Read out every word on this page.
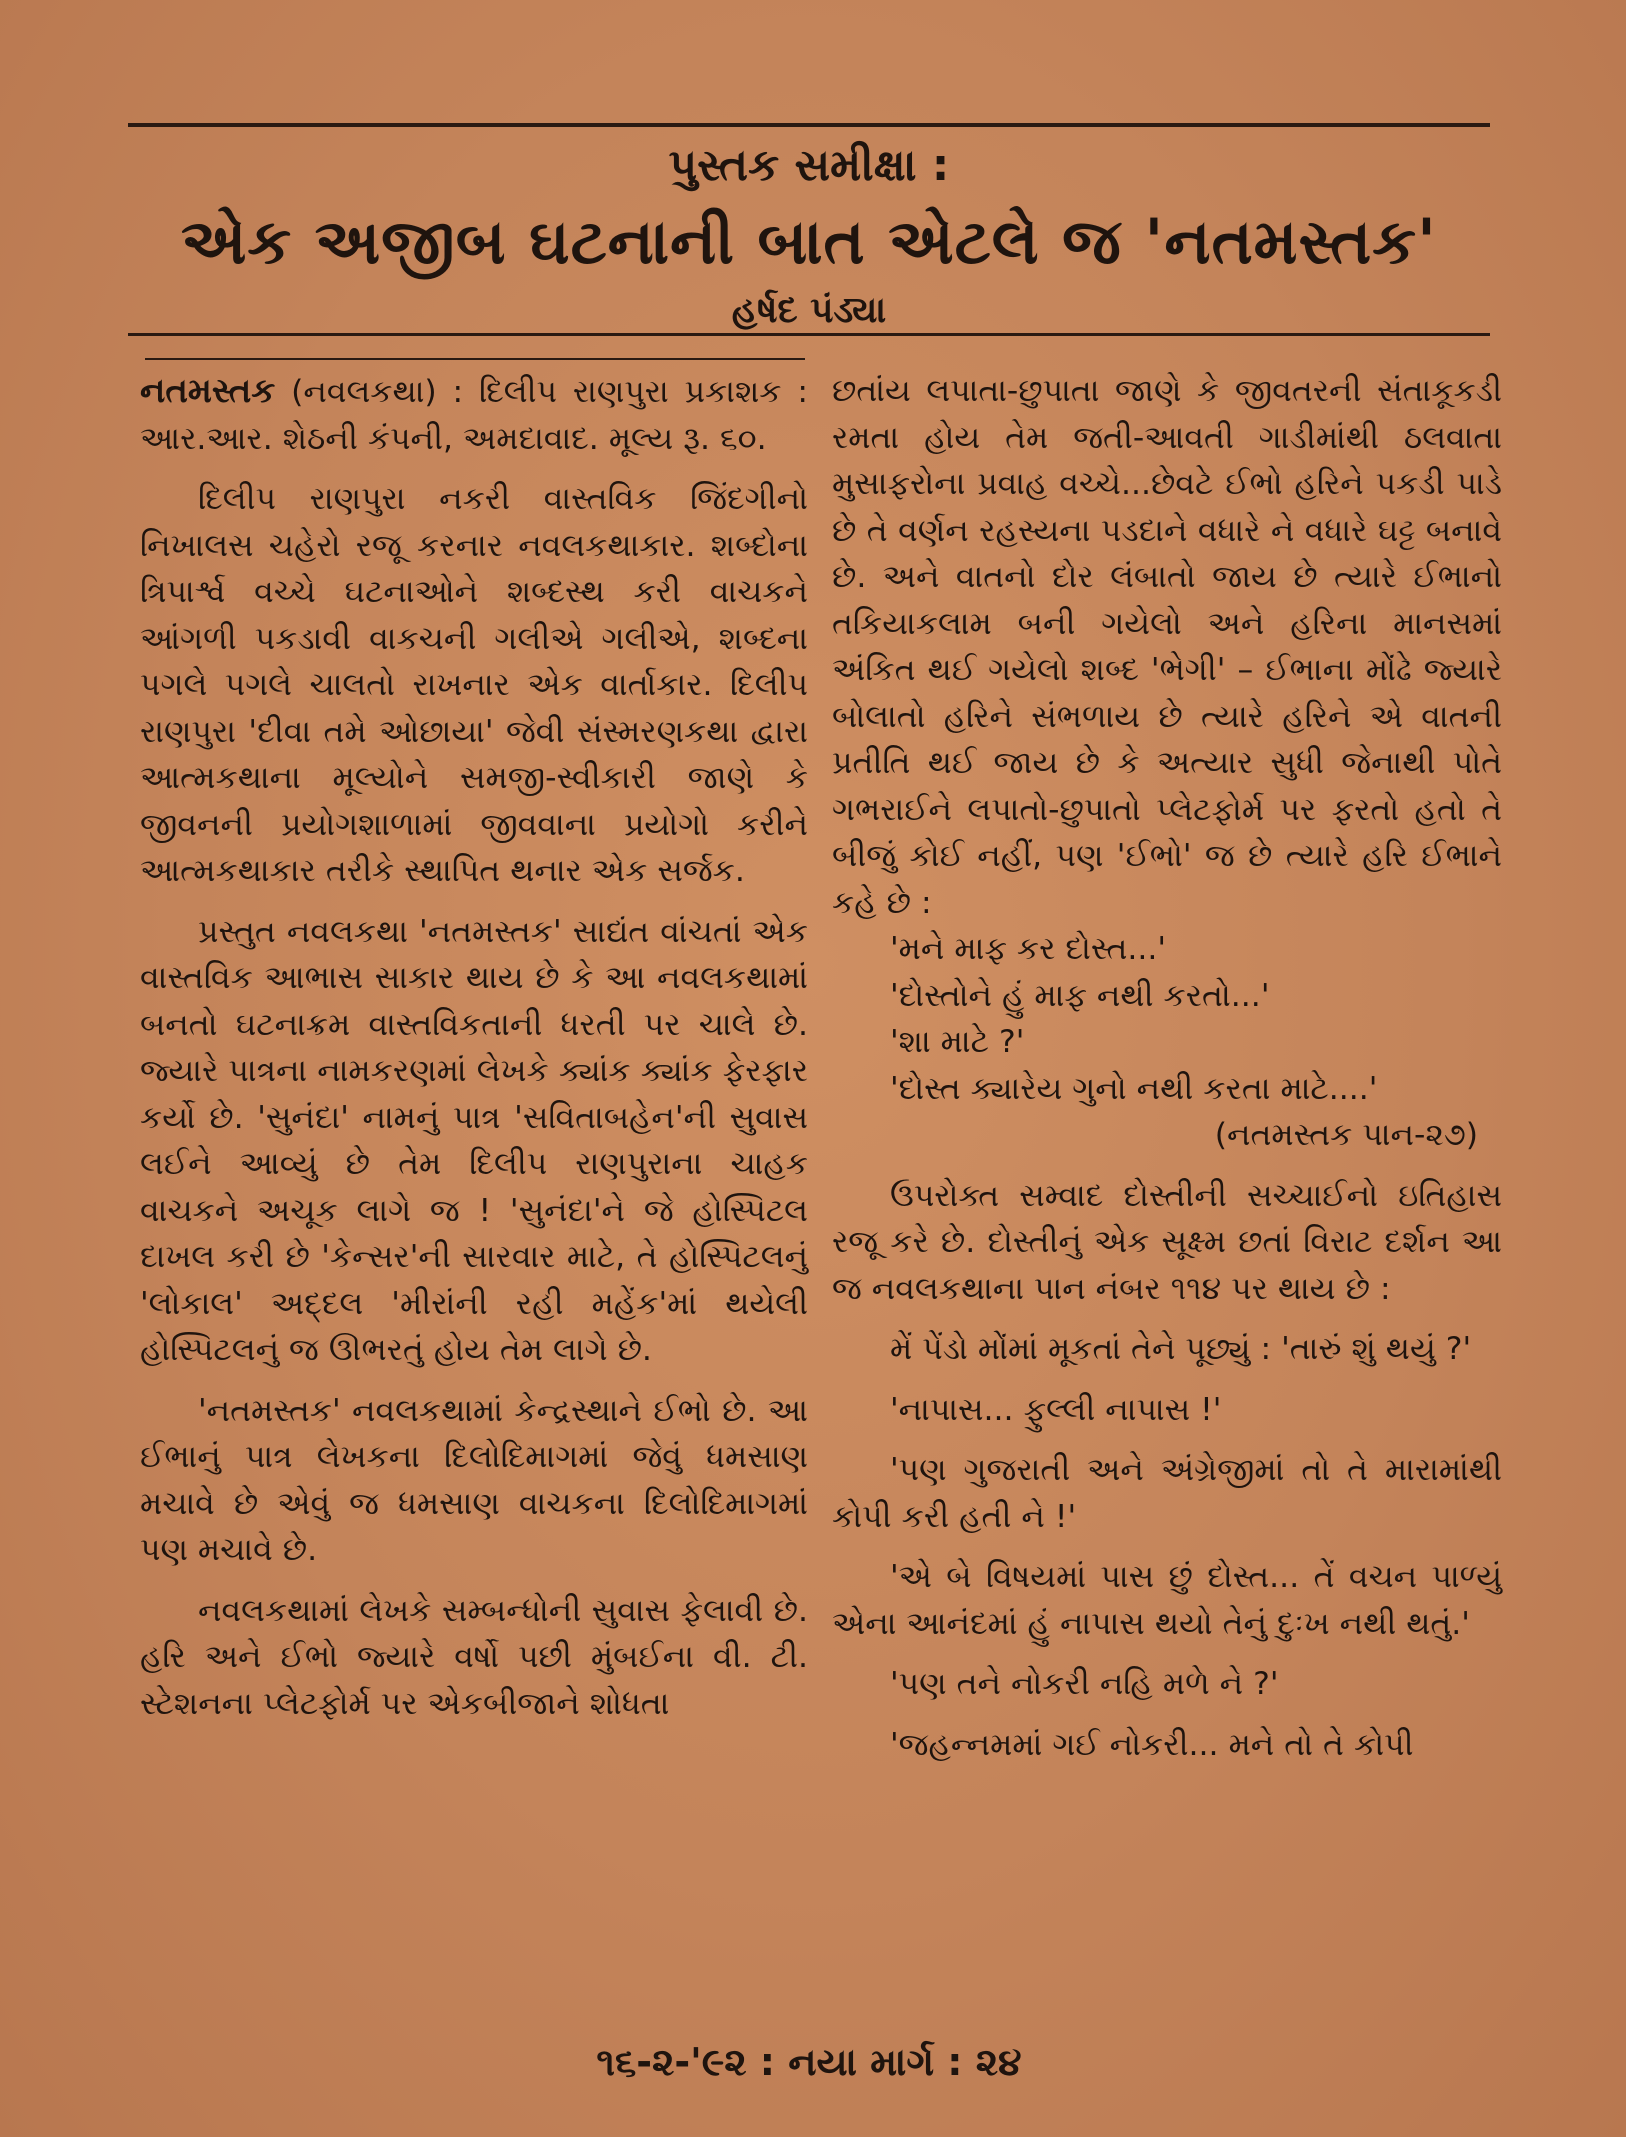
પુસ્તક સમીક્ષા :
એક અજીબ ઘટનાની બાત એટલે જ 'નતમસ્તક'
હર્ષદ પંડ્યા

નતમસ્તક (નવલકથા) : દિલીપ રાણપુરા પ્રકાશક : આર.આર. શેઠની કંપની, અમદાવાદ. મૂલ્ય રૂ. ૬૦.

દિલીપ રાણપુરા નકરી વાસ્તવિક જિંદગીનો નિખાલસ ચહેરો રજૂ કરનાર નવલકથાકાર. શબ્દોના ત્રિપાર્શ્વ વચ્ચે ઘટનાઓને શબ્દસ્થ કરી વાચકને આંગળી પકડાવી વાકચની ગલીએ ગલીએ, શબ્દના પગલે પગલે ચાલતો રાખનાર એક વાર્તાકાર. દિલીપ રાણપુરા 'દીવા તમે ઓછાયા' જેવી સંસ્મરણકથા દ્વારા આત્મકથાના મૂલ્યોને સમજી-સ્વીકારી જાણે કે જીવનની પ્રયોગશાળામાં જીવવાના પ્રયોગો કરીને આત્મકથાકાર તરીકે સ્થાપિત થનાર એક સર્જક.

પ્રસ્તુત નવલકથા 'નતમસ્તક' સાદ્યંત વાંચતાં એક વાસ્તવિક આભાસ સાકાર થાય છે કે આ નવલકથામાં બનતો ઘટનાક્રમ વાસ્તવિકતાની ધરતી પર ચાલે છે. જ્યારે પાત્રના નામકરણમાં લેખકે ક્યાંક ક્યાંક ફેરફાર કર્યો છે. 'સુનંદા' નામનું પાત્ર 'સવિતાબહેન'ની સુવાસ લઈને આવ્યું છે તેમ દિલીપ રાણપુરાના ચાહક વાચકને અચૂક લાગે જ ! 'સુનંદા'ને જે હોસ્પિટલ દાખલ કરી છે 'કેન્સર'ની સારવાર માટે, તે હોસ્પિટલનું 'લોકાલ' અદ્દલ 'મીરાંની રહી મહેંક'માં થયેલી હોસ્પિટલનું જ ઊભરતું હોય તેમ લાગે છે.

'નતમસ્તક' નવલકથામાં કેન્દ્રસ્થાને ઈભો છે. આ ઈભાનું પાત્ર લેખકના દિલોદિમાગમાં જેવું ધમસાણ મચાવે છે એવું જ ધમસાણ વાચકના દિલોદિમાગમાં પણ મચાવે છે.

નવલકથામાં લેખકે સમ્બન્ધોની સુવાસ ફેલાવી છે. હરિ અને ઈભો જ્યારે વર્ષો પછી મુંબઈના વી. ટી. સ્ટેશનના પ્લેટફોર્મ પર એકબીજાને શોધતા

છતાંય લપાતા-છુપાતા જાણે કે જીવતરની સંતાકૂકડી રમતા હોય તેમ જતી-આવતી ગાડીમાંથી ઠલવાતા મુસાફરોના પ્રવાહ વચ્ચે...છેવટે ઈભો હરિને પકડી પાડે છે તે વર્ણન રહસ્યના પડદાને વધારે ને વધારે ઘટ્ટ બનાવે છે. અને વાતનો દોર લંબાતો જાય છે ત્યારે ઈભાનો તકિયાકલામ બની ગયેલો અને હરિના માનસમાં અંકિત થઈ ગયેલો શબ્દ 'ભેગી' – ઈભાના મોંઢે જ્યારે બોલાતો હરિને સંભળાય છે ત્યારે હરિને એ વાતની પ્રતીતિ થઈ જાય છે કે અત્યાર સુધી જેનાથી પોતે ગભરાઈને લપાતો-છુપાતો પ્લેટફોર્મ પર ફરતો હતો તે બીજું કોઈ નહીં, પણ 'ઈભો' જ છે ત્યારે હરિ ઈભાને કહે છે :

'મને માફ કર દોસ્ત...'

'દોસ્તોને હું માફ નથી કરતો...'

'શા માટે ?'

'દોસ્ત ક્યારેય ગુનો નથી કરતા માટે....'

(નતમસ્તક પાન-૨૭)

ઉપરોક્ત સમ્વાદ દોસ્તીની સચ્ચાઈનો ઇતિહાસ રજૂ કરે છે. દોસ્તીનું એક સૂક્ષ્મ છતાં વિરાટ દર્શન આ જ નવલકથાના પાન નંબર ૧૧૪ પર થાય છે :

મેં પેંડો મોંમાં મૂકતાં તેને પૂછ્યું : 'તારું શું થયું ?'

'નાપાસ... ફુલ્લી નાપાસ !'

'પણ ગુજરાતી અને અંગ્રેજીમાં તો તે મારામાંથી કોપી કરી હતી ને !'

'એ બે વિષયમાં પાસ છું દોસ્ત... તેં વચન પાળ્યું એના આનંદમાં હું નાપાસ થયો તેનું દુઃખ નથી થતું.'

'પણ તને નોકરી નહિ મળે ને ?'

'જહન્નમમાં ગઈ નોકરી... મને તો તે કોપી

૧૬-૨-'૯૨ : નયા માર્ગ : ૨૪
